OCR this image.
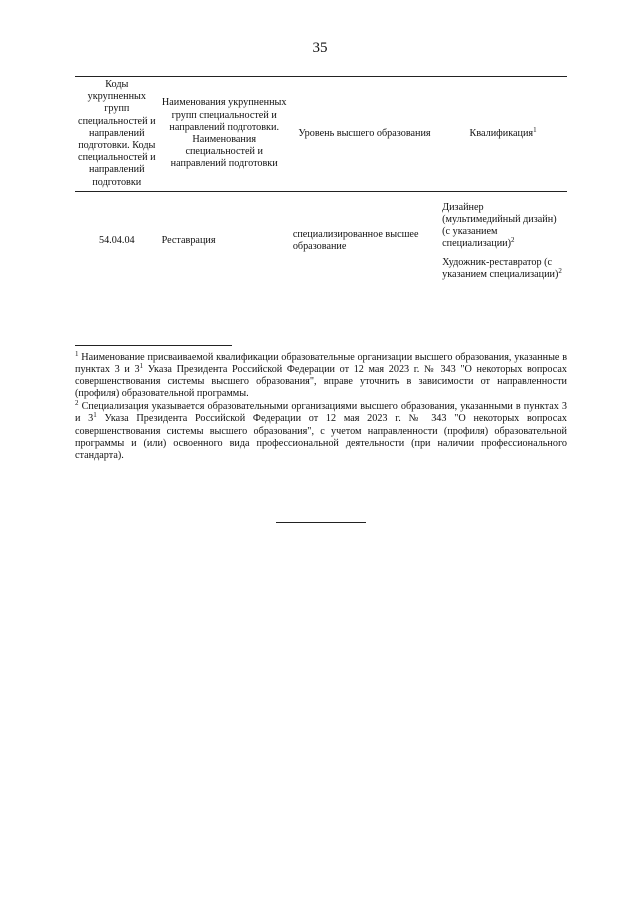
35
Коды укрупненных групп специальностей и направлений подготовки. Коды специальностей и направлений подготовки	Наименования укрупненных групп специальностей и направлений подготовки. Наименования специальностей и направлений подготовки	Уровень высшего образования	Квалификация$^1$
54.04.04	Реставрация	специализированное высшее образование	Дизайнер (мультимедийный дизайн) (с указанием специализации)$^2$
Художник-реставратор (с указанием специализации)$^2$

$^1$ Наименование присваиваемой квалификации образовательные организации высшего образования, указанные в пунктах 3 и $3^1$ Указа Президента Российской Федерации от 12 мая 2023 г. № 343 "О некоторых вопросах совершенствования системы высшего образования", вправе уточнить в зависимости от направленности (профиля) образовательной программы.

$^2$ Специализация указывается образовательными организациями высшего образования, указанными в пунктах 3 и $3^1$ Указа Президента Российской Федерации от 12 мая 2023 г. № 343 "О некоторых вопросах совершенствования системы высшего образования", с учетом направленности (профиля) образовательной программы и (или) освоенного вида профессиональной деятельности (при наличии профессионального стандарта).
